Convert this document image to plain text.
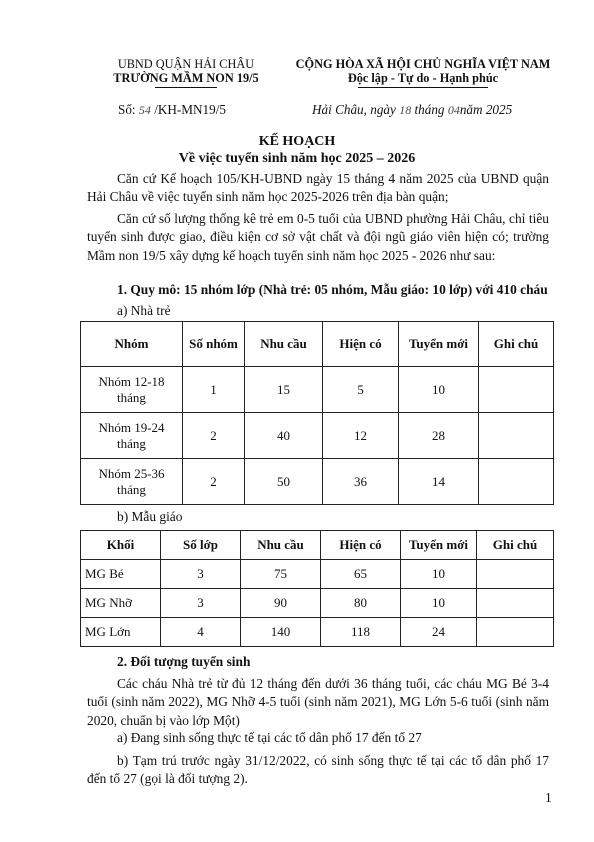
UBND QUẬN HẢI CHÂU
TRƯỜNG MẦM NON 19/5
CỘNG HÒA XÃ HỘI CHỦ NGHĨA VIỆT NAM
Độc lập - Tự do - Hạnh phúc
Số: 54 /KH-MN19/5	Hải Châu, ngày 18 tháng 04năm 2025
KẾ HOẠCH
Về việc tuyển sinh năm học 2025 – 2026
Căn cứ Kế hoạch 105/KH-UBND ngày 15 tháng 4 năm 2025 của UBND quận Hải Châu về việc tuyển sinh năm học 2025-2026 trên địa bàn quận;
Căn cứ số lượng thống kê trẻ em 0-5 tuổi của UBND phường Hải Châu, chỉ tiêu tuyển sinh được giao, điều kiện cơ sở vật chất và đội ngũ giáo viên hiện có; trường Mầm non 19/5 xây dựng kế hoạch tuyển sinh năm học 2025 - 2026 như sau:
1. Quy mô: 15 nhóm lớp (Nhà trẻ: 05 nhóm, Mẫu giáo: 10 lớp) với 410 cháu
a) Nhà trẻ
Nhóm	Số nhóm	Nhu cầu	Hiện có	Tuyển mới	Ghi chú
Nhóm 12-18 tháng	1	15	5	10	
Nhóm 19-24 tháng	2	40	12	28	
Nhóm 25-36 tháng	2	50	36	14	
b) Mẫu giáo
Khối	Số lớp	Nhu cầu	Hiện có	Tuyển mới	Ghi chú
MG Bé	3	75	65	10	
MG Nhỡ	3	90	80	10	
MG Lớn	4	140	118	24	
2. Đối tượng tuyển sinh
Các cháu Nhà trẻ từ đủ 12 tháng đến dưới 36 tháng tuổi, các cháu MG Bé 3-4 tuổi (sinh năm 2022), MG Nhỡ 4-5 tuổi (sinh năm 2021), MG Lớn 5-6 tuổi (sinh năm 2020, chuẩn bị vào lớp Một)
a) Đang sinh sống thực tế tại các tổ dân phố 17 đến tổ 27
b) Tạm trú trước ngày 31/12/2022, có sinh sống thực tế tại các tổ dân phố 17 đến tổ 27 (gọi là đối tượng 2).
1
